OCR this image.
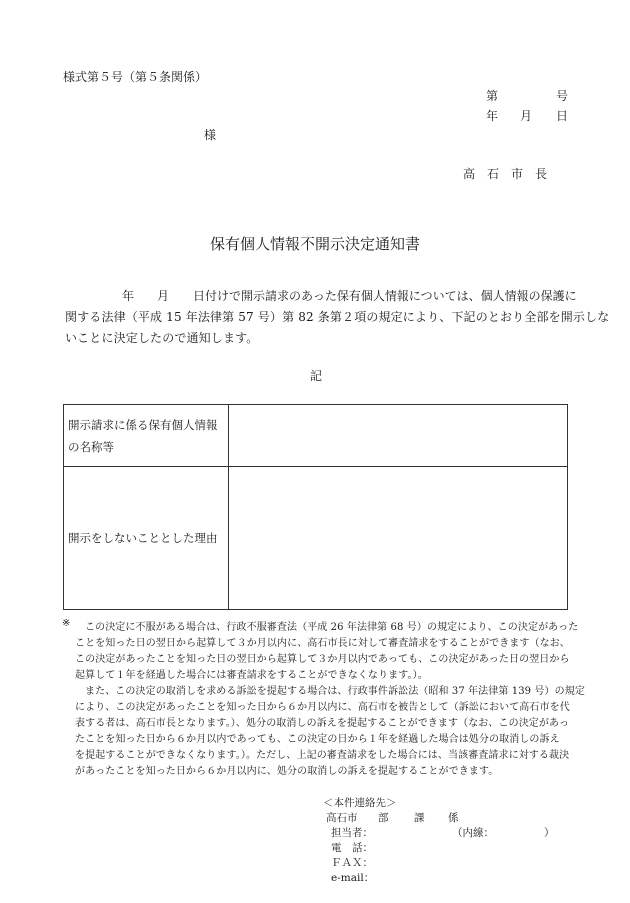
様式第５号（第５条関係）
第	号
年 月 日
様
高　石　市　長
保有個人情報不開示決定通知書
年 月 日付けで開示請求のあった保有個人情報については、個人情報の保護に
関する法律（平成 15 年法律第 57 号）第 82 条第２項の規定により、下記のとおり全部を開示しな
いことに決定したので通知します。
記
開示請求に係る保有個人情報
の名称等	

開示をしないこととした理由	

※ この決定に不服がある場合は、行政不服審査法（平成 26 年法律第 68 号）の規定により、この決定があった
ことを知った日の翌日から起算して３か月以内に、高石市長に対して審査請求をすることができます（なお、
この決定があったことを知った日の翌日から起算して３か月以内であっても、この決定があった日の翌日から
起算して１年を経過した場合には審査請求をすることができなくなります。）。
また、この決定の取消しを求める訴訟を提起する場合は、行政事件訴訟法（昭和 37 年法律第 139 号）の規定
により、この決定があったことを知った日から６か月以内に、高石市を被告として（訴訟において高石市を代
表する者は、高石市長となります。）、処分の取消しの訴えを提起することができます（なお、この決定があっ
たことを知った日から６か月以内であっても、この決定の日から１年を経過した場合は処分の取消しの訴え
を提起することができなくなります。）。ただし、上記の審査請求をした場合には、当該審査請求に対する裁決
があったことを知った日から６か月以内に、処分の取消しの訴えを提起することができます。
＜本件連絡先＞
高石市 部 課 係
担当者：	（内線：	）
電　話：
ＦＡＸ：
e-mail：
